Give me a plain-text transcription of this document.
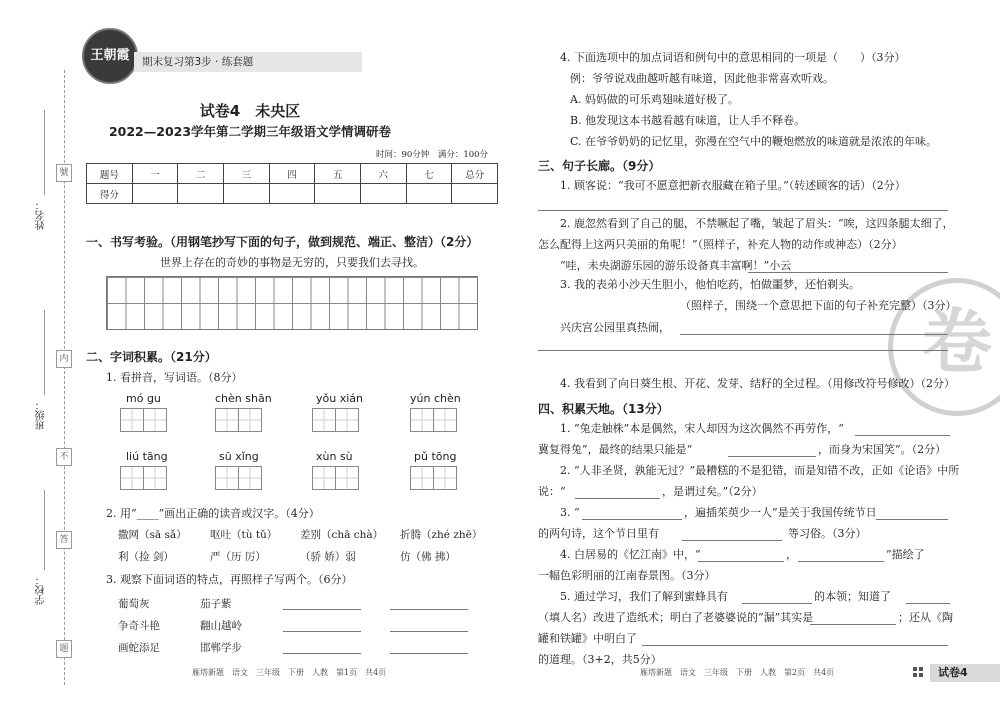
姓名：
班级：
学校：
號
内
不
答
题
王朝霞	期末复习第3步 · 练套题
试卷4　未央区
2022—2023学年第二学期三年级语文学情调研卷
时间：90分钟　满分：100分
题号	一	二	三	四	五	六	七	总分
得分								
一、书写考验。（用钢笔抄写下面的句子，做到规范、端正、整洁）（2分）
世界上存在的奇妙的事物是无穷的，只要我们去寻找。
二、字词积累。（21分）
1. 看拼音，写词语。（8分）
mó gu	chèn shān	yǒu xián	yún chèn
liú tāng	sū xǐng	xùn sù	pǔ tōng
2. 用“____”画出正确的读音或汉字。（4分）
撒网（sā sǎ） 呕吐（tù tǔ） 差别（chā chà） 折腾（zhé zhē）
利（捡 剑）	严（历 厉）	（骄 娇）弱	仿（佛 拂）
3. 观察下面词语的特点，再照样子写两个。（6分）
葡萄灰	茄子紫
争奇斗艳	翻山越岭
画蛇添足	邯郸学步
雁塔新题　语文　三年级　下册　人教　第1页　共4页
卷
4. 下面选项中的加点词语和例句中的意思相同的一项是（　　）（3分）
例：爷爷说戏曲越听越有味道，因此他非常喜欢听戏。
A. 妈妈做的可乐鸡翅味道好极了。
B. 他发现这本书越看越有味道，让人手不释卷。
C. 在爷爷奶奶的记忆里，弥漫在空气中的鞭炮燃放的味道就是浓浓的年味。
三、句子长廊。（9分）
1. 顾客说：“我可不愿意把新衣服藏在箱子里。”（转述顾客的话）（2分）
2. 鹿忽然看到了自己的腿，不禁噘起了嘴，皱起了眉头：“唉，这四条腿太细了，
怎么配得上这两只美丽的角呢！”（照样子，补充人物的动作或神态）（2分）
“哇，未央湖游乐园的游乐设备真丰富啊！”小云
3. 我的表弟小沙天生胆小，他怕吃药，怕做噩梦，还怕剃头。
（照样子，围绕一个意思把下面的句子补充完整）（3分）
兴庆宫公园里真热闹，
4. 我看到了向日葵生根、开花、发芽、结籽的全过程。（用修改符号修改）（2分）
四、积累天地。（13分）
1. “兔走触株”本是偶然，宋人却因为这次偶然不再劳作，“
冀复得兔”，最终的结果只能是“	，而身为宋国笑”。（2分）
2. “人非圣贤，孰能无过？”最糟糕的不是犯错，而是知错不改，正如《论语》中所
说：“	，是谓过矣。”（2分）
3. “	，遍插茱萸少一人”是关于我国传统节日
的两句诗，这个节日里有	等习俗。（3分）
4. 白居易的《忆江南》中，“	，	”描绘了
一幅色彩明丽的江南春景图。（3分）
5. 通过学习，我们了解到蜜蜂具有	的本领；知道了
（填人名）改进了造纸术；明白了老婆婆说的“漏”其实是	；还从《陶
罐和铁罐》中明白了
的道理。（3+2，共5分）
雁塔新题　语文　三年级　下册　人教　第2页　共4页	试卷4
